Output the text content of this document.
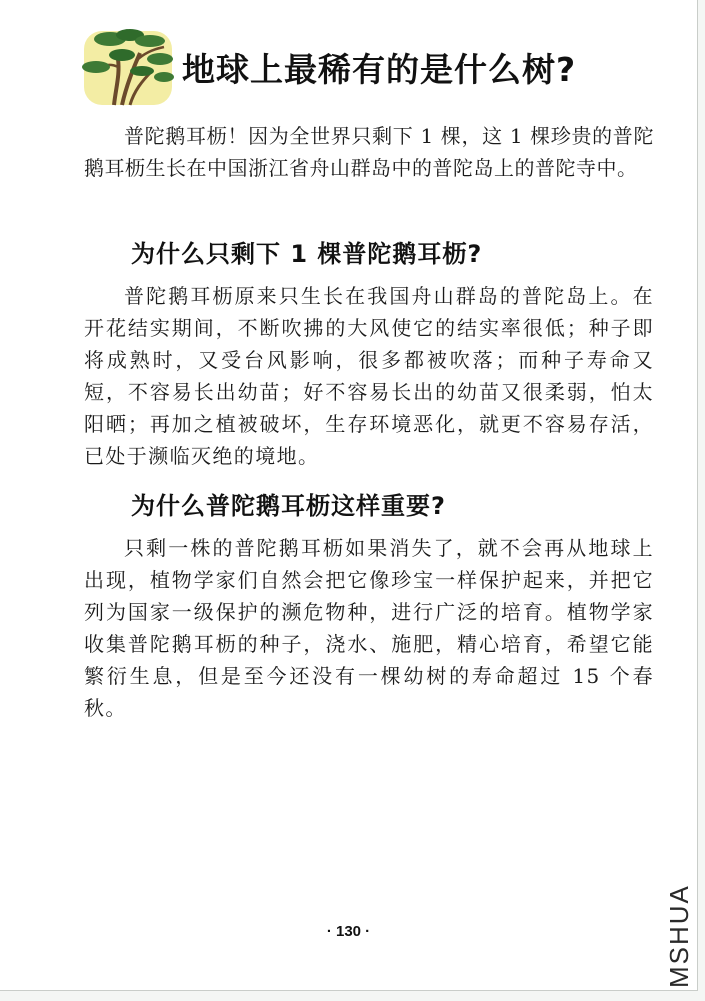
地球上最稀有的是什么树?
普陀鹅耳枥！因为全世界只剩下 1 棵，这 1 棵珍贵的普陀鹅耳枥生长在中国浙江省舟山群岛中的普陀岛上的普陀寺中。
为什么只剩下 1 棵普陀鹅耳枥?
普陀鹅耳枥原来只生长在我国舟山群岛的普陀岛上。在开花结实期间，不断吹拂的大风使它的结实率很低；种子即将成熟时，又受台风影响，很多都被吹落；而种子寿命又短，不容易长出幼苗；好不容易长出的幼苗又很柔弱，怕太阳晒；再加之植被破坏，生存环境恶化，就更不容易存活，已处于濒临灭绝的境地。
为什么普陀鹅耳枥这样重要?
只剩一株的普陀鹅耳枥如果消失了，就不会再从地球上出现，植物学家们自然会把它像珍宝一样保护起来，并把它列为国家一级保护的濒危物种，进行广泛的培育。植物学家收集普陀鹅耳枥的种子，浇水、施肥，精心培育，希望它能繁衍生息，但是至今还没有一棵幼树的寿命超过 15 个春秋。
· 130 ·	MSHUA
